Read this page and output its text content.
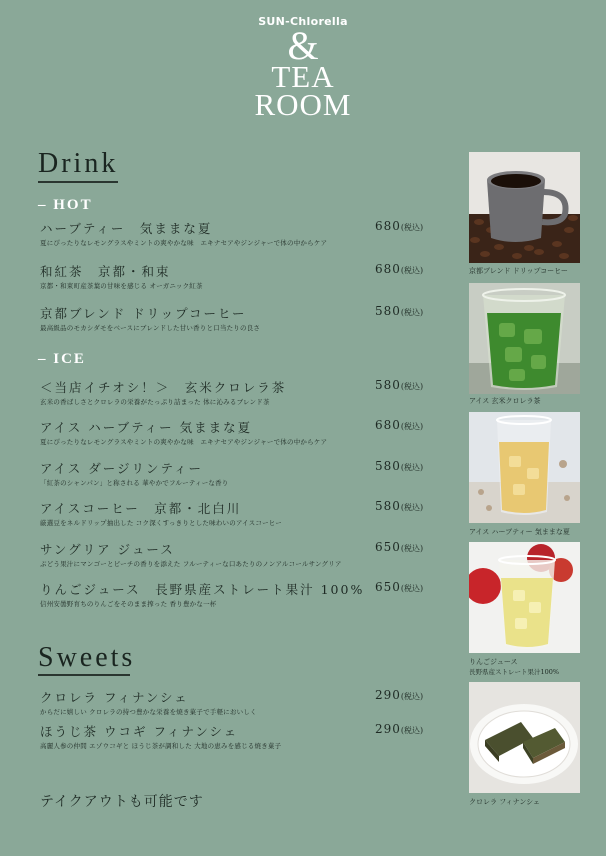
SUN-Chlorella
&
TEA
ROOM
Drink
– HOT
ハーブティー　気ままな夏	680(税込)
夏にぴったりなレモングラスやミントの爽やかな味　エキナセアやジンジャーで体の中からケア
和紅茶　京都・和束	680(税込)
京都・和束町産茶葉の甘味を感じる オーガニック紅茶
京都ブレンド ドリップコーヒー	580(税込)
最高級品のモカシダモをベースにブレンドした甘い香りと口当たりの良さ
– ICE
＜当店イチオシ！＞　玄米クロレラ茶	580(税込)
玄米の香ばしさとクロレラの栄養がたっぷり詰まった 体に沁みるブレンド茶
アイス ハーブティー 気ままな夏	680(税込)
夏にぴったりなレモングラスやミントの爽やかな味　エキナセアやジンジャーで体の中からケア
アイス ダージリンティー	580(税込)
「紅茶のシャンパン」と称される 華やかでフルーティーな香り
アイスコーヒー　京都・北白川	580(税込)
厳選豆をネルドリップ抽出した コク深くすっきりとした味わいのアイスコーヒー
サングリア ジュース	650(税込)
ぶどう果汁にマンゴーとピーチの香りを添えた フルーティーな口あたりのノンアルコールサングリア
りんごジュース　長野県産ストレート果汁 100% 650(税込)
信州安曇野育ちのりんごをそのまま搾った 香り豊かな一杯
Sweets
クロレラ フィナンシェ	290(税込)
からだに嬉しい クロレラの持つ豊かな栄養を焼き菓子で手軽においしく
ほうじ茶 ウコギ フィナンシェ	290(税込)
高麗人参の仲間 エゾウコギと ほうじ茶が調和した 大地の恵みを感じる焼き菓子
テイクアウトも可能です
京都ブレンド ドリップコーヒー
アイス 玄米クロレラ茶
アイス ハーブティー 気ままな夏
りんごジュース
長野県産ストレート果汁100%
クロレラ フィナンシェ
